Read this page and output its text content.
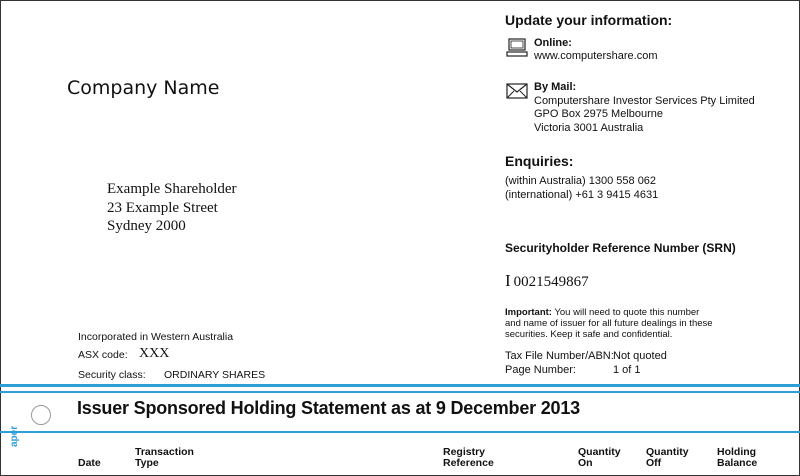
Company Name
Example Shareholder
23 Example Street
Sydney 2000
Update your information:
Online:
www.computershare.com
By Mail:
Computershare Investor Services Pty Limited
GPO Box 2975 Melbourne
Victoria 3001 Australia
Enquiries:
(within Australia) 1300 558 062
(international) +61 3 9415 4631
Securityholder Reference Number (SRN)
I 0021549867
Important: You will need to quote this number
and name of issuer for all future dealings in these
securities. Keep it safe and confidential.
Tax File Number/ABN: Not quoted
Page Number:	1 of 1
Incorporated in Western Australia
ASX code: XXX
Security class: ORDINARY SHARES
Issuer Sponsored Holding Statement as at 9 December 2013
Date
Transaction
Type
Registry
Reference
Quantity
On
Quantity
Off
Holding
Balance
aper
